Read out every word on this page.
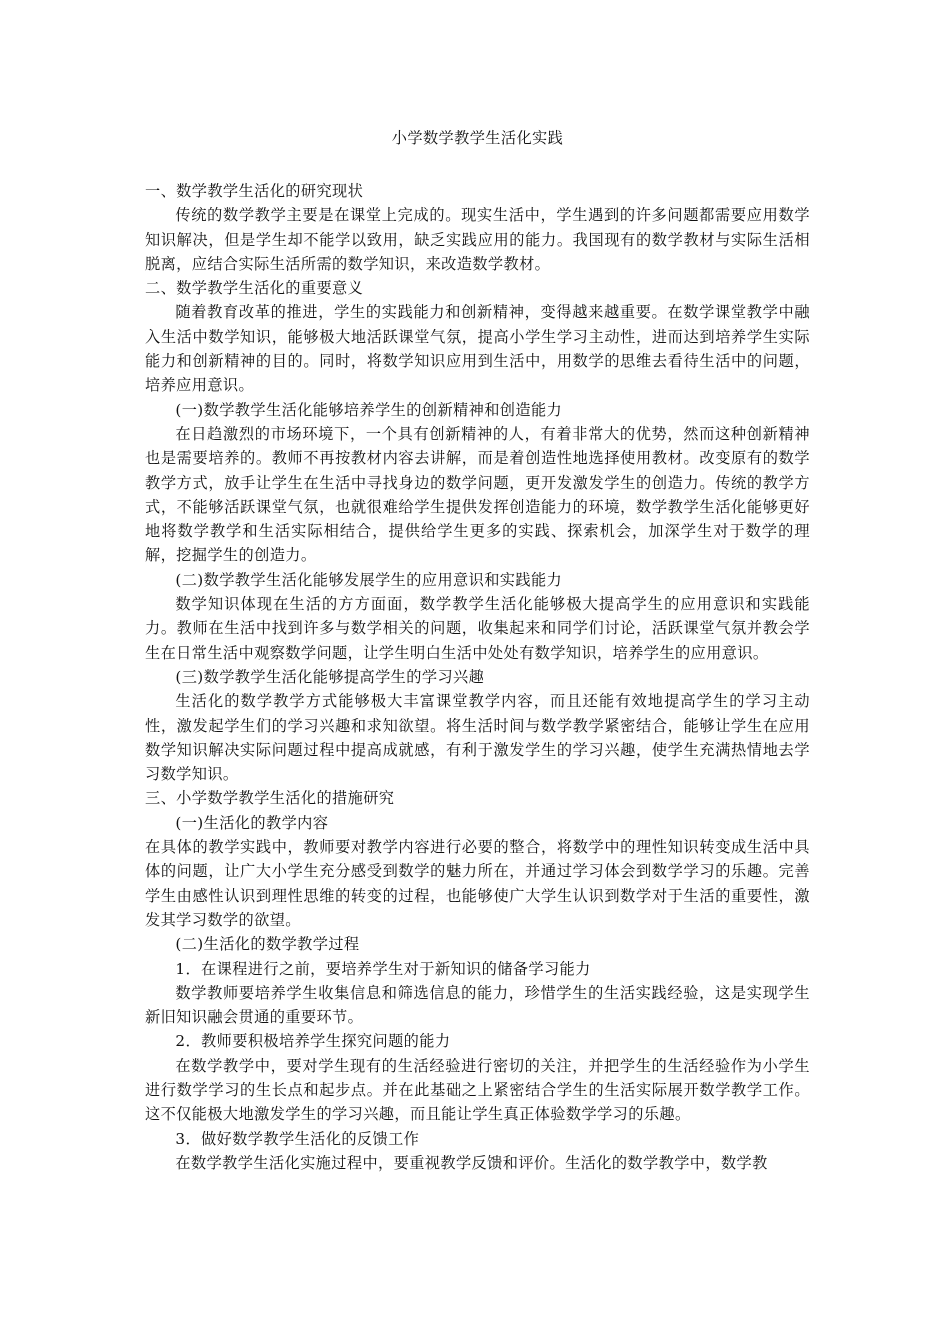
小学数学教学生活化实践

一、数学教学生活化的研究现状

传统的数学教学主要是在课堂上完成的。现实生活中，学生遇到的许多问题都需要应用数学知识解决，但是学生却不能学以致用，缺乏实践应用的能力。我国现有的数学教材与实际生活相脱离，应结合实际生活所需的数学知识，来改造数学教材。

二、数学教学生活化的重要意义

随着教育改革的推进，学生的实践能力和创新精神，变得越来越重要。在数学课堂教学中融入生活中数学知识，能够极大地活跃课堂气氛，提高小学生学习主动性，进而达到培养学生实际能力和创新精神的目的。同时，将数学知识应用到生活中，用数学的思维去看待生活中的问题，培养应用意识。

(一)数学教学生活化能够培养学生的创新精神和创造能力

在日趋激烈的市场环境下，一个具有创新精神的人，有着非常大的优势，然而这种创新精神也是需要培养的。教师不再按教材内容去讲解，而是着创造性地选择使用教材。改变原有的数学教学方式，放手让学生在生活中寻找身边的数学问题，更开发激发学生的创造力。传统的教学方式，不能够活跃课堂气氛，也就很难给学生提供发挥创造能力的环境，数学教学生活化能够更好地将数学教学和生活实际相结合，提供给学生更多的实践、探索机会，加深学生对于数学的理解，挖掘学生的创造力。

(二)数学教学生活化能够发展学生的应用意识和实践能力

数学知识体现在生活的方方面面，数学教学生活化能够极大提高学生的应用意识和实践能力。教师在生活中找到许多与数学相关的问题，收集起来和同学们讨论，活跃课堂气氛并教会学生在日常生活中观察数学问题，让学生明白生活中处处有数学知识，培养学生的应用意识。

(三)数学教学生活化能够提高学生的学习兴趣

生活化的数学教学方式能够极大丰富课堂教学内容，而且还能有效地提高学生的学习主动性，激发起学生们的学习兴趣和求知欲望。将生活时间与数学教学紧密结合，能够让学生在应用数学知识解决实际问题过程中提高成就感，有利于激发学生的学习兴趣，使学生充满热情地去学习数学知识。

三、小学数学教学生活化的措施研究

(一)生活化的教学内容

在具体的教学实践中，教师要对教学内容进行必要的整合，将数学中的理性知识转变成生活中具体的问题，让广大小学生充分感受到数学的魅力所在，并通过学习体会到数学学习的乐趣。完善学生由感性认识到理性思维的转变的过程，也能够使广大学生认识到数学对于生活的重要性，激发其学习数学的欲望。

(二)生活化的数学教学过程

1．在课程进行之前，要培养学生对于新知识的储备学习能力

数学教师要培养学生收集信息和筛选信息的能力，珍惜学生的生活实践经验，这是实现学生新旧知识融会贯通的重要环节。

2．教师要积极培养学生探究问题的能力

在数学教学中，要对学生现有的生活经验进行密切的关注，并把学生的生活经验作为小学生进行数学学习的生长点和起步点。并在此基础之上紧密结合学生的生活实际展开数学教学工作。这不仅能极大地激发学生的学习兴趣，而且能让学生真正体验数学学习的乐趣。

3．做好数学教学生活化的反馈工作

在数学教学生活化实施过程中，要重视教学反馈和评价。生活化的数学教学中，数学教
